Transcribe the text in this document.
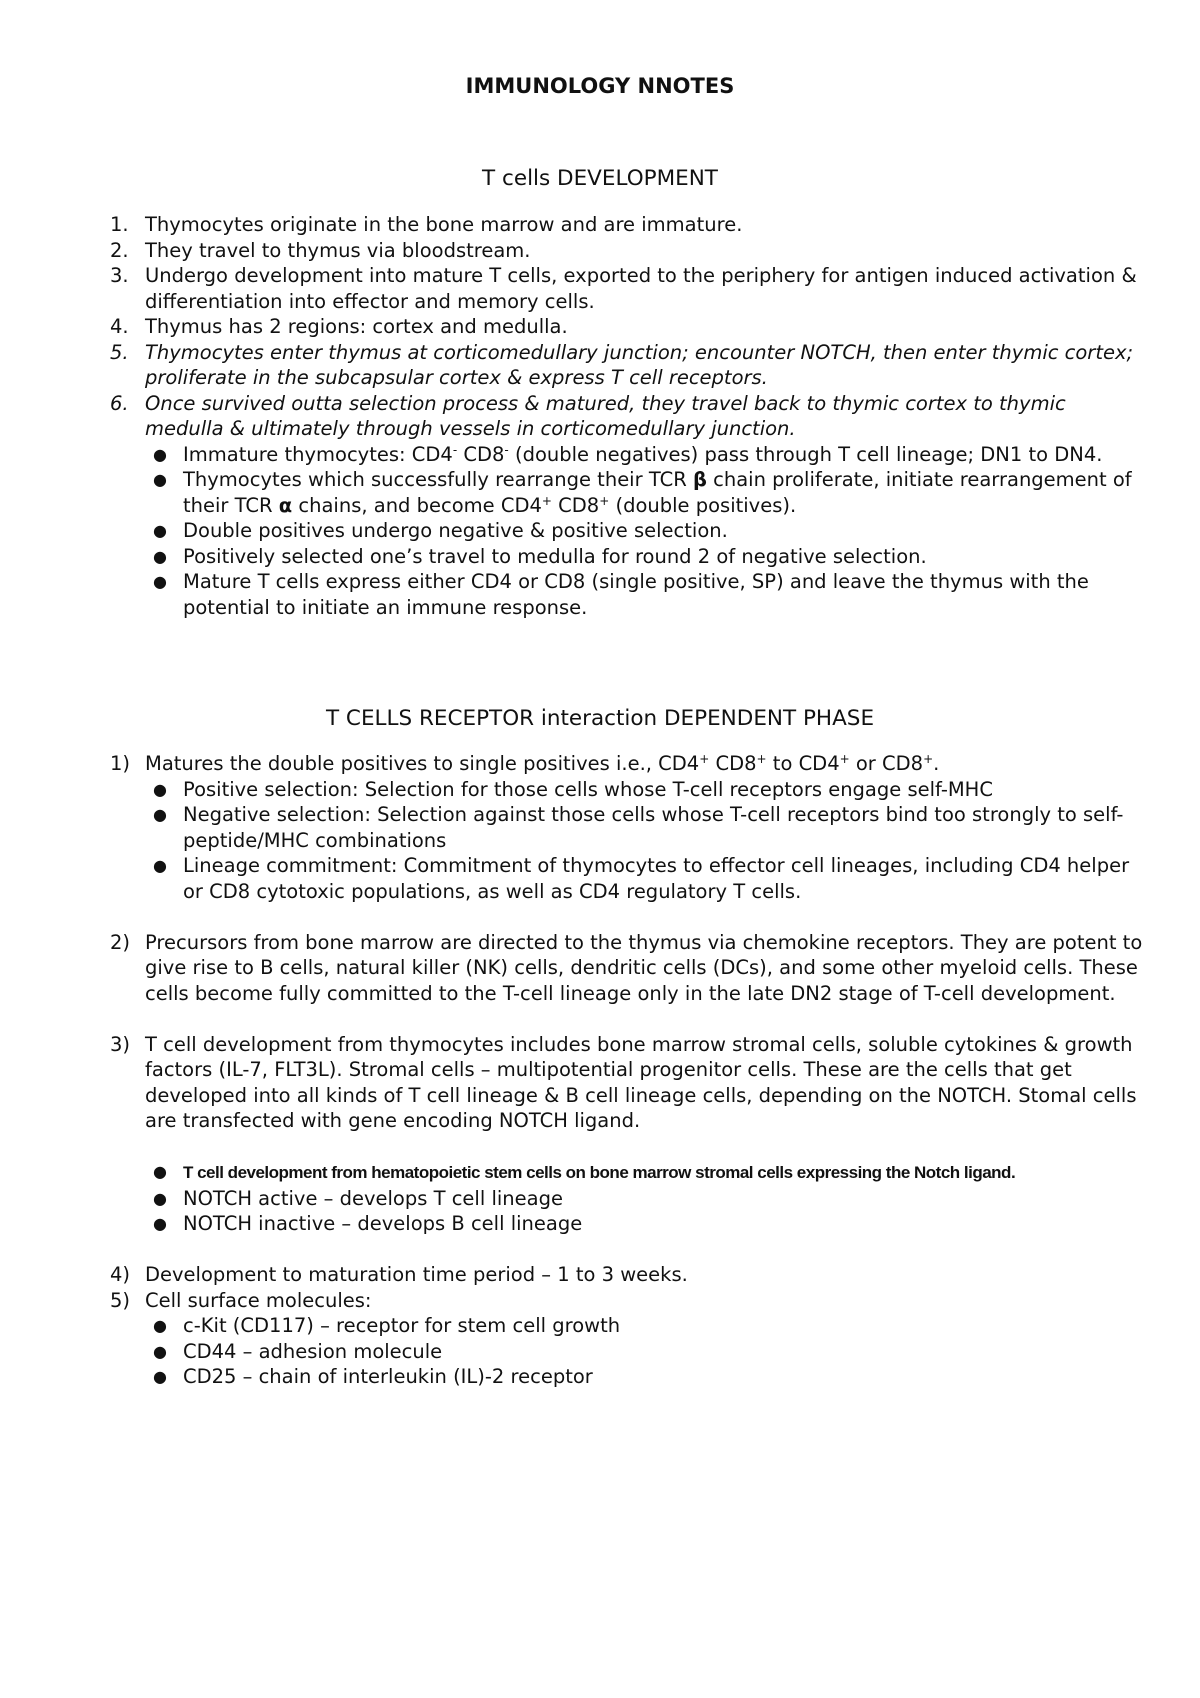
IMMUNOLOGY NNOTES
T cells DEVELOPMENT
1. Thymocytes originate in the bone marrow and are immature.
2. They travel to thymus via bloodstream.
3. Undergo development into mature T cells, exported to the periphery for antigen induced activation & differentiation into effector and memory cells.
4. Thymus has 2 regions: cortex and medulla.
5. Thymocytes enter thymus at corticomedullary junction; encounter NOTCH, then enter thymic cortex; proliferate in the subcapsular cortex & express T cell receptors.
6. Once survived outta selection process & matured, they travel back to thymic cortex to thymic medulla & ultimately through vessels in corticomedullary junction.
● Immature thymocytes: CD4- CD8- (double negatives) pass through T cell lineage; DN1 to DN4.
● Thymocytes which successfully rearrange their TCR β chain proliferate, initiate rearrangement of their TCR α chains, and become CD4+ CD8+ (double positives).
● Double positives undergo negative & positive selection.
● Positively selected one’s travel to medulla for round 2 of negative selection.
● Mature T cells express either CD4 or CD8 (single positive, SP) and leave the thymus with the potential to initiate an immune response.
T CELLS RECEPTOR interaction DEPENDENT PHASE
1) Matures the double positives to single positives i.e., CD4+ CD8+ to CD4+ or CD8+.
● Positive selection: Selection for those cells whose T-cell receptors engage self-MHC
● Negative selection: Selection against those cells whose T-cell receptors bind too strongly to self-peptide/MHC combinations
● Lineage commitment: Commitment of thymocytes to effector cell lineages, including CD4 helper or CD8 cytotoxic populations, as well as CD4 regulatory T cells.
2) Precursors from bone marrow are directed to the thymus via chemokine receptors. They are potent to give rise to B cells, natural killer (NK) cells, dendritic cells (DCs), and some other myeloid cells. These cells become fully committed to the T-cell lineage only in the late DN2 stage of T-cell development.
3) T cell development from thymocytes includes bone marrow stromal cells, soluble cytokines & growth factors (IL-7, FLT3L). Stromal cells – multipotential progenitor cells. These are the cells that get developed into all kinds of T cell lineage & B cell lineage cells, depending on the NOTCH. Stomal cells are transfected with gene encoding NOTCH ligand.
● T cell development from hematopoietic stem cells on bone marrow stromal cells expressing the Notch ligand.
● NOTCH active – develops T cell lineage
● NOTCH inactive – develops B cell lineage
4) Development to maturation time period – 1 to 3 weeks.
5) Cell surface molecules:
● c-Kit (CD117) – receptor for stem cell growth
● CD44 – adhesion molecule
● CD25 – chain of interleukin (IL)-2 receptor
